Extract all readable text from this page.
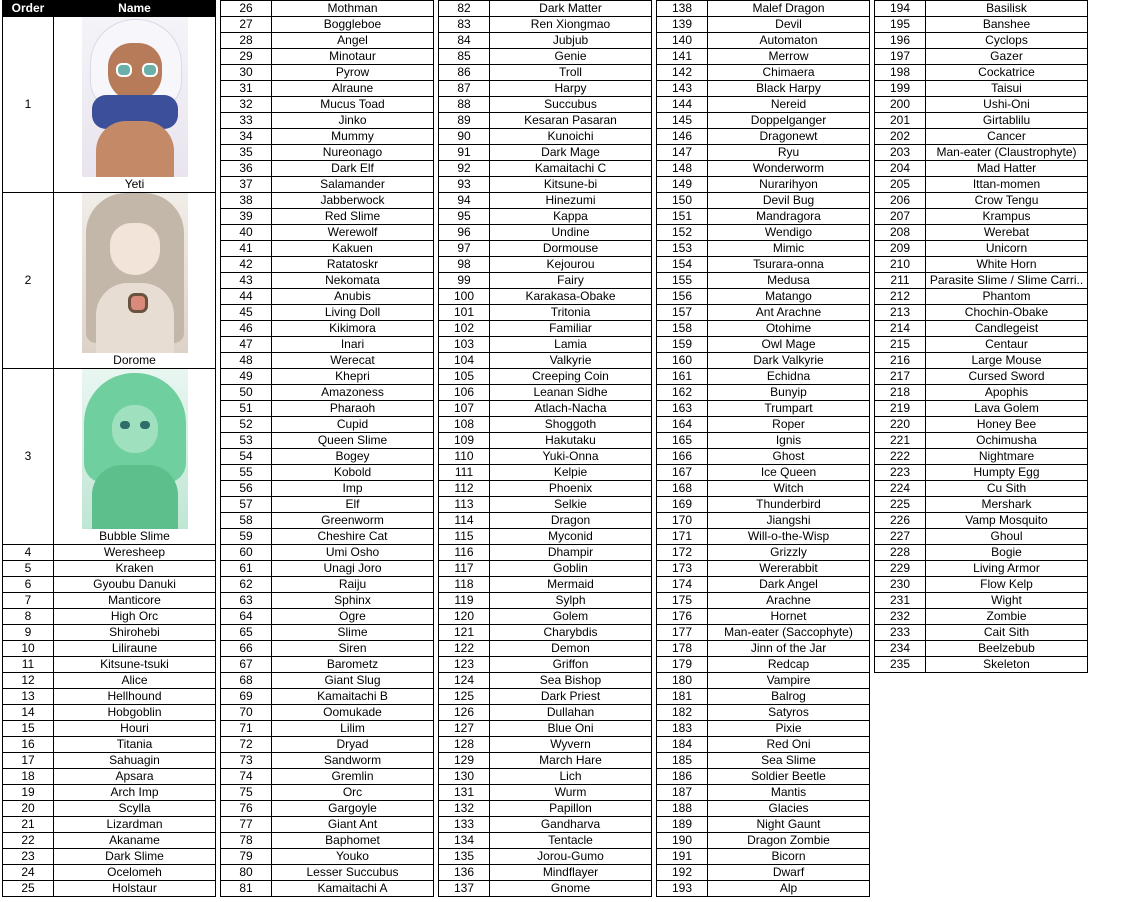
Order	Name
1	Yeti

2	Dorome

3	Bubble Slime

4	Weresheep
5	Kraken
6	Gyoubu Danuki
7	Manticore
8	High Orc
9	Shirohebi
10	Liliraune
11	Kitsune-tsuki
12	Alice
13	Hellhound
14	Hobgoblin
15	Houri
16	Titania
17	Sahuagin
18	Apsara
19	Arch Imp
20	Scylla
21	Lizardman
22	Akaname
23	Dark Slime
24	Ocelomeh
25	Holstaur
26	Mothman
27	Boggleboe
28	Angel
29	Minotaur
30	Pyrow
31	Alraune
32	Mucus Toad
33	Jinko
34	Mummy
35	Nureonago
36	Dark Elf
37	Salamander
38	Jabberwock
39	Red Slime
40	Werewolf
41	Kakuen
42	Ratatoskr
43	Nekomata
44	Anubis
45	Living Doll
46	Kikimora
47	Inari
48	Werecat
49	Khepri
50	Amazoness
51	Pharaoh
52	Cupid
53	Queen Slime
54	Bogey
55	Kobold
56	Imp
57	Elf
58	Greenworm
59	Cheshire Cat
60	Umi Osho
61	Unagi Joro
62	Raiju
63	Sphinx
64	Ogre
65	Slime
66	Siren
67	Barometz
68	Giant Slug
69	Kamaitachi B
70	Oomukade
71	Lilim
72	Dryad
73	Sandworm
74	Gremlin
75	Orc
76	Gargoyle
77	Giant Ant
78	Baphomet
79	Youko
80	Lesser Succubus
81	Kamaitachi A
82	Dark Matter
83	Ren Xiongmao
84	Jubjub
85	Genie
86	Troll
87	Harpy
88	Succubus
89	Kesaran Pasaran
90	Kunoichi
91	Dark Mage
92	Kamaitachi C
93	Kitsune-bi
94	Hinezumi
95	Kappa
96	Undine
97	Dormouse
98	Kejourou
99	Fairy
100	Karakasa-Obake
101	Tritonia
102	Familiar
103	Lamia
104	Valkyrie
105	Creeping Coin
106	Leanan Sidhe
107	Atlach-Nacha
108	Shoggoth
109	Hakutaku
110	Yuki-Onna
111	Kelpie
112	Phoenix
113	Selkie
114	Dragon
115	Myconid
116	Dhampir
117	Goblin
118	Mermaid
119	Sylph
120	Golem
121	Charybdis
122	Demon
123	Griffon
124	Sea Bishop
125	Dark Priest
126	Dullahan
127	Blue Oni
128	Wyvern
129	March Hare
130	Lich
131	Wurm
132	Papillon
133	Gandharva
134	Tentacle
135	Jorou-Gumo
136	Mindflayer
137	Gnome
138	Malef Dragon
139	Devil
140	Automaton
141	Merrow
142	Chimaera
143	Black Harpy
144	Nereid
145	Doppelganger
146	Dragonewt
147	Ryu
148	Wonderworm
149	Nurarihyon
150	Devil Bug
151	Mandragora
152	Wendigo
153	Mimic
154	Tsurara-onna
155	Medusa
156	Matango
157	Ant Arachne
158	Otohime
159	Owl Mage
160	Dark Valkyrie
161	Echidna
162	Bunyip
163	Trumpart
164	Roper
165	Ignis
166	Ghost
167	Ice Queen
168	Witch
169	Thunderbird
170	Jiangshi
171	Will-o-the-Wisp
172	Grizzly
173	Wererabbit
174	Dark Angel
175	Arachne
176	Hornet
177	Man-eater (Saccophyte)
178	Jinn of the Jar
179	Redcap
180	Vampire
181	Balrog
182	Satyros
183	Pixie
184	Red Oni
185	Sea Slime
186	Soldier Beetle
187	Mantis
188	Glacies
189	Night Gaunt
190	Dragon Zombie
191	Bicorn
192	Dwarf
193	Alp
194	Basilisk
195	Banshee
196	Cyclops
197	Gazer
198	Cockatrice
199	Taisui
200	Ushi-Oni
201	Girtablilu
202	Cancer
203	Man-eater (Claustrophyte)
204	Mad Hatter
205	Ittan-momen
206	Crow Tengu
207	Krampus
208	Werebat
209	Unicorn
210	White Horn
211	Parasite Slime / Slime Carri..
212	Phantom
213	Chochin-Obake
214	Candlegeist
215	Centaur
216	Large Mouse
217	Cursed Sword
218	Apophis
219	Lava Golem
220	Honey Bee
221	Ochimusha
222	Nightmare
223	Humpty Egg
224	Cu Sith
225	Mershark
226	Vamp Mosquito
227	Ghoul
228	Bogie
229	Living Armor
230	Flow Kelp
231	Wight
232	Zombie
233	Cait Sith
234	Beelzebub
235	Skeleton
